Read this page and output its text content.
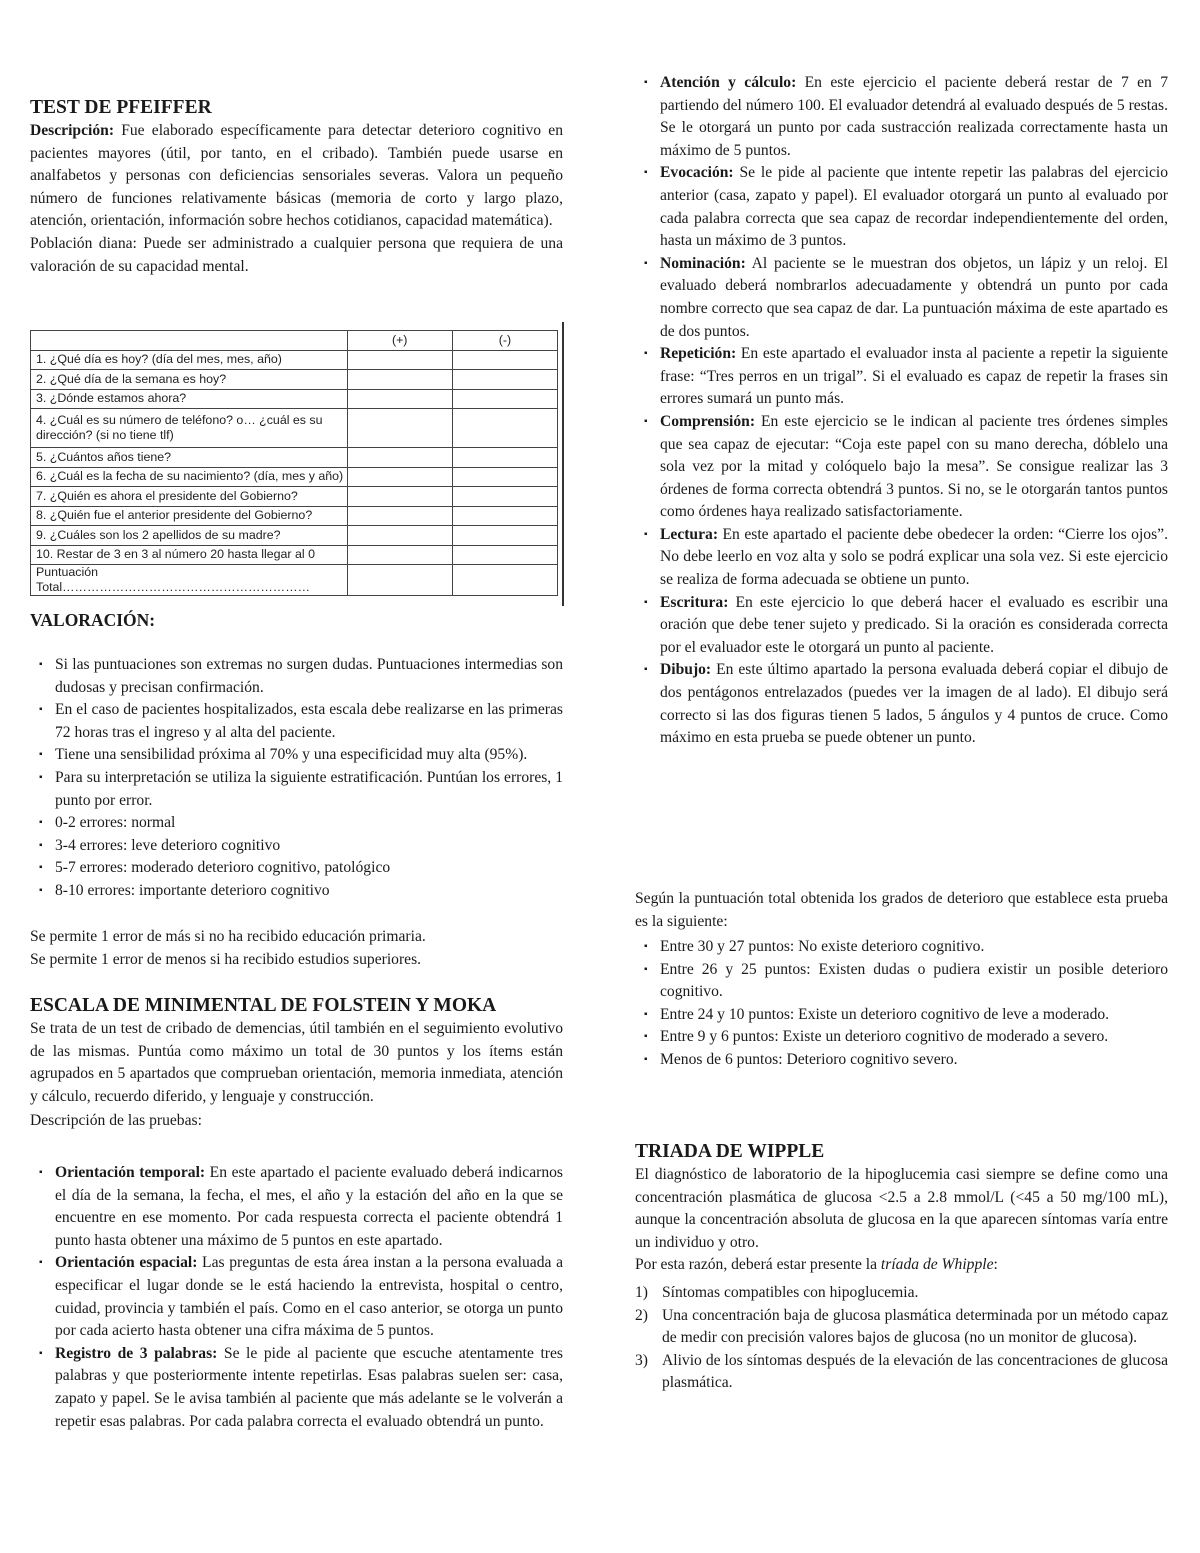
TEST DE PFEIFFER

Descripción: Fue elaborado específicamente para detectar deterioro cognitivo en pacientes mayores (útil, por tanto, en el cribado). También puede usarse en analfabetos y personas con deficiencias sensoriales severas. Valora un pequeño número de funciones relativamente básicas (memoria de corto y largo plazo, atención, orientación, información sobre hechos cotidianos, capacidad matemática).

Población diana: Puede ser administrado a cualquier persona que requiera de una valoración de su capacidad mental.

	(+)	(-)
1. ¿Qué día es hoy? (día del mes, mes, año)		
2. ¿Qué día de la semana es hoy?		
3. ¿Dónde estamos ahora?		
4. ¿Cuál es su número de teléfono? o… ¿cuál es su dirección? (si no tiene tlf)		
5. ¿Cuántos años tiene?		
6. ¿Cuál es la fecha de su nacimiento? (día, mes y año)		
7. ¿Quién es ahora el presidente del Gobierno?		
8. ¿Quién fue el anterior presidente del Gobierno?		
9. ¿Cuáles son los 2 apellidos de su madre?		
10. Restar de 3 en 3 al número 20 hasta llegar al 0		
Puntuación Total……………………………………………………		
VALORACIÓN:
▪ Si las puntuaciones son extremas no surgen dudas. Puntuaciones intermedias son dudosas y precisan confirmación.
▪ En el caso de pacientes hospitalizados, esta escala debe realizarse en las primeras 72 horas tras el ingreso y al alta del paciente.
▪ Tiene una sensibilidad próxima al 70% y una especificidad muy alta (95%).
▪ Para su interpretación se utiliza la siguiente estratificación. Puntúan los errores, 1 punto por error.
▪ 0-2 errores: normal
▪ 3-4 errores: leve deterioro cognitivo
▪ 5-7 errores: moderado deterioro cognitivo, patológico
▪ 8-10 errores: importante deterioro cognitivo

Se permite 1 error de más si no ha recibido educación primaria.

Se permite 1 error de menos si ha recibido estudios superiores.

ESCALA DE MINIMENTAL DE FOLSTEIN Y MOKA

Se trata de un test de cribado de demencias, útil también en el seguimiento evolutivo de las mismas. Puntúa como máximo un total de 30 puntos y los ítems están agrupados en 5 apartados que comprueban orientación, memoria inmediata, atención y cálculo, recuerdo diferido, y lenguaje y construcción.

Descripción de las pruebas:

▪ Orientación temporal: En este apartado el paciente evaluado deberá indicarnos el día de la semana, la fecha, el mes, el año y la estación del año en la que se encuentre en ese momento. Por cada respuesta correcta el paciente obtendrá 1 punto hasta obtener una máximo de 5 puntos en este apartado.
▪ Orientación espacial: Las preguntas de esta área instan a la persona evaluada a especificar el lugar donde se le está haciendo la entrevista, hospital o centro, cuidad, provincia y también el país. Como en el caso anterior, se otorga un punto por cada acierto hasta obtener una cifra máxima de 5 puntos.
▪ Registro de 3 palabras: Se le pide al paciente que escuche atentamente tres palabras y que posteriormente intente repetirlas. Esas palabras suelen ser: casa, zapato y papel. Se le avisa también al paciente que más adelante se le volverán a repetir esas palabras. Por cada palabra correcta el evaluado obtendrá un punto.
▪ Atención y cálculo: En este ejercicio el paciente deberá restar de 7 en 7 partiendo del número 100. El evaluador detendrá al evaluado después de 5 restas. Se le otorgará un punto por cada sustracción realizada correctamente hasta un máximo de 5 puntos.
▪ Evocación: Se le pide al paciente que intente repetir las palabras del ejercicio anterior (casa, zapato y papel). El evaluador otorgará un punto al evaluado por cada palabra correcta que sea capaz de recordar independientemente del orden, hasta un máximo de 3 puntos.
▪ Nominación: Al paciente se le muestran dos objetos, un lápiz y un reloj. El evaluado deberá nombrarlos adecuadamente y obtendrá un punto por cada nombre correcto que sea capaz de dar. La puntuación máxima de este apartado es de dos puntos.
▪ Repetición: En este apartado el evaluador insta al paciente a repetir la siguiente frase: “Tres perros en un trigal”. Si el evaluado es capaz de repetir la frases sin errores sumará un punto más.
▪ Comprensión: En este ejercicio se le indican al paciente tres órdenes simples que sea capaz de ejecutar: “Coja este papel con su mano derecha, dóblelo una sola vez por la mitad y colóquelo bajo la mesa”. Se consigue realizar las 3 órdenes de forma correcta obtendrá 3 puntos. Si no, se le otorgarán tantos puntos como órdenes haya realizado satisfactoriamente.
▪ Lectura: En este apartado el paciente debe obedecer la orden: “Cierre los ojos”. No debe leerlo en voz alta y solo se podrá explicar una sola vez. Si este ejercicio se realiza de forma adecuada se obtiene un punto.
▪ Escritura: En este ejercicio lo que deberá hacer el evaluado es escribir una oración que debe tener sujeto y predicado. Si la oración es considerada correcta por el evaluador este le otorgará un punto al paciente.
▪ Dibujo: En este último apartado la persona evaluada deberá copiar el dibujo de dos pentágonos entrelazados (puedes ver la imagen de al lado). El dibujo será correcto si las dos figuras tienen 5 lados, 5 ángulos y 4 puntos de cruce. Como máximo en esta prueba se puede obtener un punto.

Según la puntuación total obtenida los grados de deterioro que establece esta prueba es la siguiente:

▪ Entre 30 y 27 puntos: No existe deterioro cognitivo.
▪ Entre 26 y 25 puntos: Existen dudas o pudiera existir un posible deterioro cognitivo.
▪ Entre 24 y 10 puntos: Existe un deterioro cognitivo de leve a moderado.
▪ Entre 9 y 6 puntos: Existe un deterioro cognitivo de moderado a severo.
▪ Menos de 6 puntos: Deterioro cognitivo severo.
TRIADA DE WIPPLE

El diagnóstico de laboratorio de la hipoglucemia casi siempre se define como una concentración plasmática de glucosa <2.5 a 2.8 mmol/L (<45 a 50 mg/100 mL), aunque la concentración absoluta de glucosa en la que aparecen síntomas varía entre un individuo y otro.

Por esta razón, deberá estar presente la tríada de Whipple:

1) Síntomas compatibles con hipoglucemia.
2) Una concentración baja de glucosa plasmática determinada por un método capaz de medir con precisión valores bajos de glucosa (no un monitor de glucosa).
3) Alivio de los síntomas después de la elevación de las concentraciones de glucosa plasmática.
